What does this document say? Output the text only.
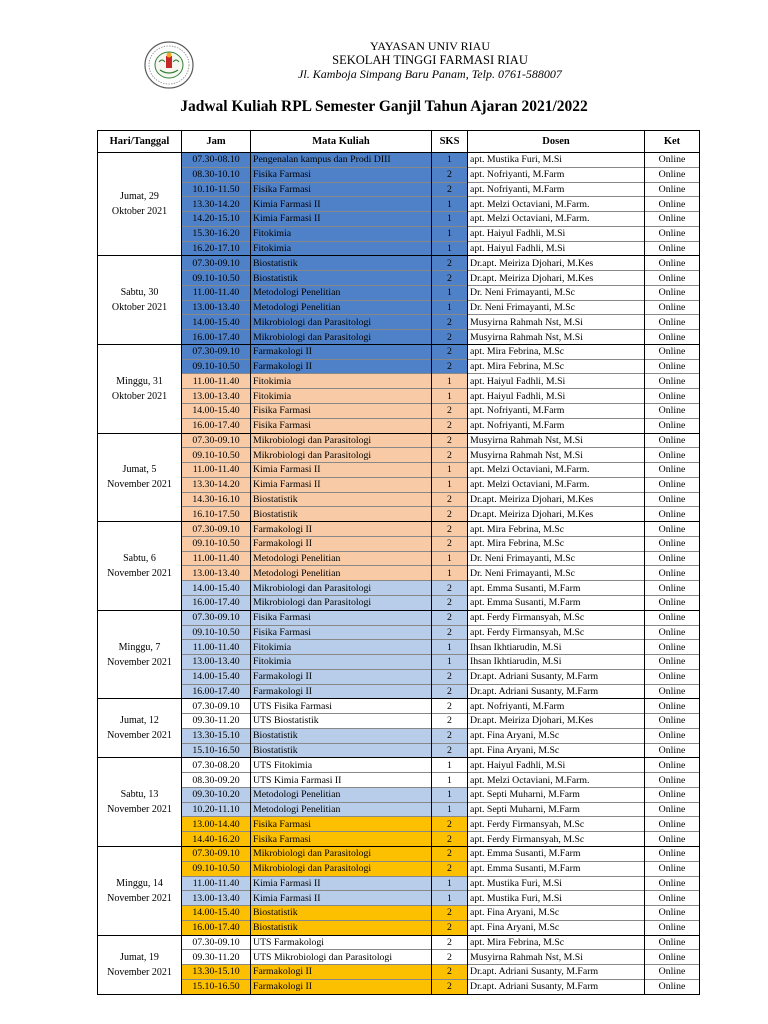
YAYASAN UNIV RIAU
SEKOLAH TINGGI FARMASI RIAU
Jl. Kamboja Simpang Baru Panam, Telp. 0761-588007
Jadwal Kuliah RPL Semester Ganjil Tahun Ajaran 2021/2022
Hari/Tanggal	Jam	Mata Kuliah	SKS	Dosen	Ket

Jumat, 29
Oktober 2021	07.30-08.10	Pengenalan kampus dan Prodi DIII	1	apt. Mustika Furi, M.Si	Online
	08.30-10.10	Fisika Farmasi	2	apt. Nofriyanti, M.Farm	Online
	10.10-11.50	Fisika Farmasi	2	apt. Nofriyanti, M.Farm	Online
	13.30-14.20	Kimia Farmasi II	1	apt. Melzi Octaviani, M.Farm.	Online
	14.20-15.10	Kimia Farmasi II	1	apt. Melzi Octaviani, M.Farm.	Online
	15.30-16.20	Fitokimia	1	apt. Haiyul Fadhli, M.Si	Online
	16.20-17.10	Fitokimia	1	apt. Haiyul Fadhli, M.Si	Online

Sabtu, 30
Oktober 2021	07.30-09.10	Biostatistik	2	Dr.apt. Meiriza Djohari, M.Kes	Online
	09.10-10.50	Biostatistik	2	Dr.apt. Meiriza Djohari, M.Kes	Online
	11.00-11.40	Metodologi Penelitian	1	Dr. Neni Frimayanti, M.Sc	Online
	13.00-13.40	Metodologi Penelitian	1	Dr. Neni Frimayanti, M.Sc	Online
	14.00-15.40	Mikrobiologi dan Parasitologi	2	Musyirna Rahmah Nst, M.Si	Online
	16.00-17.40	Mikrobiologi dan Parasitologi	2	Musyirna Rahmah Nst, M.Si	Online

Minggu, 31
Oktober 2021	07.30-09.10	Farmakologi II	2	apt. Mira Febrina, M.Sc	Online
	09.10-10.50	Farmakologi II	2	apt. Mira Febrina, M.Sc	Online
	11.00-11.40	Fitokimia	1	apt. Haiyul Fadhli, M.Si	Online
	13.00-13.40	Fitokimia	1	apt. Haiyul Fadhli, M.Si	Online
	14.00-15.40	Fisika Farmasi	2	apt. Nofriyanti, M.Farm	Online
	16.00-17.40	Fisika Farmasi	2	apt. Nofriyanti, M.Farm	Online

Jumat, 5
November 2021	07.30-09.10	Mikrobiologi dan Parasitologi	2	Musyirna Rahmah Nst, M.Si	Online
	09.10-10.50	Mikrobiologi dan Parasitologi	2	Musyirna Rahmah Nst, M.Si	Online
	11.00-11.40	Kimia Farmasi II	1	apt. Melzi Octaviani, M.Farm.	Online
	13.30-14.20	Kimia Farmasi II	1	apt. Melzi Octaviani, M.Farm.	Online
	14.30-16.10	Biostatistik	2	Dr.apt. Meiriza Djohari, M.Kes	Online
	16.10-17.50	Biostatistik	2	Dr.apt. Meiriza Djohari, M.Kes	Online

Sabtu, 6
November 2021	07.30-09.10	Farmakologi II	2	apt. Mira Febrina, M.Sc	Online
	09.10-10.50	Farmakologi II	2	apt. Mira Febrina, M.Sc	Online
	11.00-11.40	Metodologi Penelitian	1	Dr. Neni Frimayanti, M.Sc	Online
	13.00-13.40	Metodologi Penelitian	1	Dr. Neni Frimayanti, M.Sc	Online
	14.00-15.40	Mikrobiologi dan Parasitologi	2	apt. Emma Susanti, M.Farm	Online
	16.00-17.40	Mikrobiologi dan Parasitologi	2	apt. Emma Susanti, M.Farm	Online

Minggu, 7
November 2021	07.30-09.10	Fisika Farmasi	2	apt. Ferdy Firmansyah, M.Sc	Online
	09.10-10.50	Fisika Farmasi	2	apt. Ferdy Firmansyah, M.Sc	Online
	11.00-11.40	Fitokimia	1	Ihsan Ikhtiarudin, M.Si	Online
	13.00-13.40	Fitokimia	1	Ihsan Ikhtiarudin, M.Si	Online
	14.00-15.40	Farmakologi II	2	Dr.apt. Adriani Susanty, M.Farm	Online
	16.00-17.40	Farmakologi II	2	Dr.apt. Adriani Susanty, M.Farm	Online

Jumat, 12
November 2021	07.30-09.10	UTS Fisika Farmasi	2	apt. Nofriyanti, M.Farm	Online
	09.30-11.20	UTS Biostatistik	2	Dr.apt. Meiriza Djohari, M.Kes	Online
	13.30-15.10	Biostatistik	2	apt. Fina Aryani, M.Sc	Online
	15.10-16.50	Biostatistik	2	apt. Fina Aryani, M.Sc	Online

Sabtu, 13
November 2021	07.30-08.20	UTS Fitokimia	1	apt. Haiyul Fadhli, M.Si	Online
	08.30-09.20	UTS Kimia Farmasi II	1	apt. Melzi Octaviani, M.Farm.	Online
	09.30-10.20	Metodologi Penelitian	1	apt. Septi Muharni, M.Farm	Online
	10.20-11.10	Metodologi Penelitian	1	apt. Septi Muharni, M.Farm	Online
	13.00-14.40	Fisika Farmasi	2	apt. Ferdy Firmansyah, M.Sc	Online
	14.40-16.20	Fisika Farmasi	2	apt. Ferdy Firmansyah, M.Sc	Online

Minggu, 14
November 2021	07.30-09.10	Mikrobiologi dan Parasitologi	2	apt. Emma Susanti, M.Farm	Online
	09.10-10.50	Mikrobiologi dan Parasitologi	2	apt. Emma Susanti, M.Farm	Online
	11.00-11.40	Kimia Farmasi II	1	apt. Mustika Furi, M.Si	Online
	13.00-13.40	Kimia Farmasi II	1	apt. Mustika Furi, M.Si	Online
	14.00-15.40	Biostatistik	2	apt. Fina Aryani, M.Sc	Online
	16.00-17.40	Biostatistik	2	apt. Fina Aryani, M.Sc	Online

Jumat, 19
November 2021	07.30-09.10	UTS Farmakologi	2	apt. Mira Febrina, M.Sc	Online
	09.30-11.20	UTS Mikrobiologi dan Parasitologi	2	Musyirna Rahmah Nst, M.Si	Online
	13.30-15.10	Farmakologi II	2	Dr.apt. Adriani Susanty, M.Farm	Online
	15.10-16.50	Farmakologi II	2	Dr.apt. Adriani Susanty, M.Farm	Online
